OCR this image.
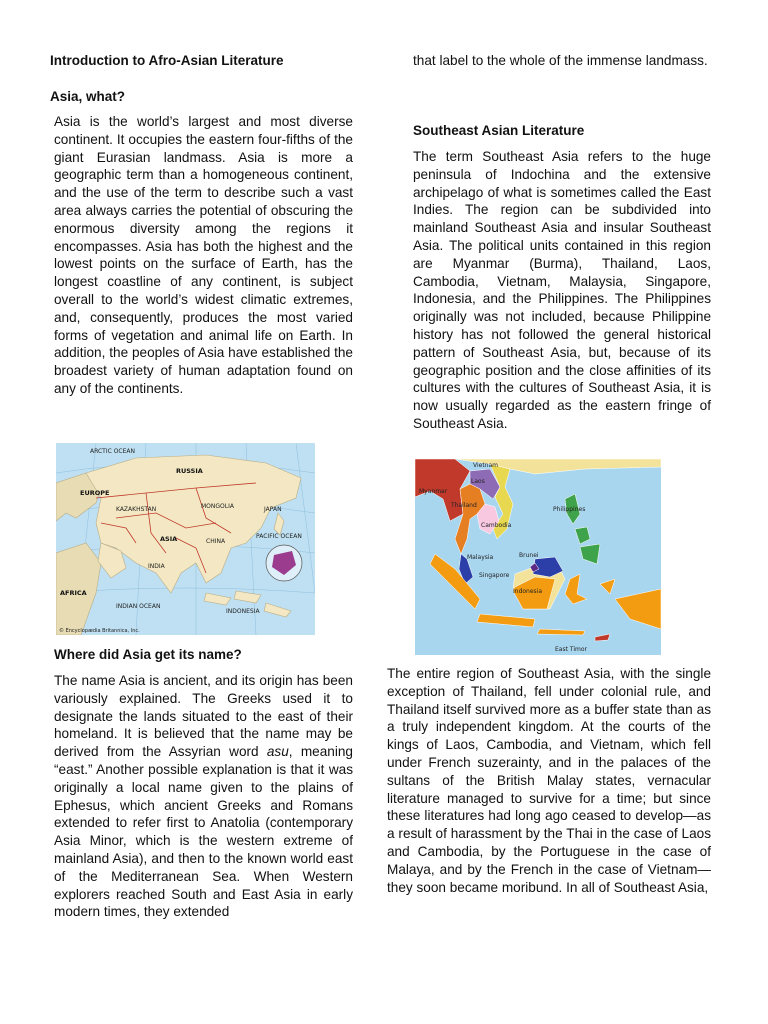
Introduction to Afro-Asian Literature
Asia, what?

Asia is the world’s largest and most diverse continent. It occupies the eastern four-fifths of the giant Eurasian landmass. Asia is more a geographic term than a homogeneous continent, and the use of the term to describe such a vast area always carries the potential of obscuring the enormous diversity among the regions it encompasses. Asia has both the highest and the lowest points on the surface of Earth, has the longest coastline of any continent, is subject overall to the world’s widest climatic extremes, and, consequently, produces the most varied forms of vegetation and animal life on Earth. In addition, the peoples of Asia have established the broadest variety of human adaptation found on any of the continents.

ARCTIC OCEAN
EUROPE
RUSSIA
ASIA	CHINA
INDIA
AFRICA
INDIAN OCEAN
PACIFIC OCEAN
JAPAN
MONGOLIA
KAZAKHSTAN
INDONESIA
© Encyclopædia Britannica, Inc.
Where did Asia get its name?

The name Asia is ancient, and its origin has been variously explained. The Greeks used it to designate the lands situated to the east of their homeland. It is believed that the name may be derived from the Assyrian word asu, meaning “east.” Another possible explanation is that it was originally a local name given to the plains of Ephesus, which ancient Greeks and Romans extended to refer first to Anatolia (contemporary Asia Minor, which is the western extreme of mainland Asia), and then to the known world east of the Mediterranean Sea. When Western explorers reached South and East Asia in early modern times, they extended

that label to the whole of the immense landmass.

Southeast Asian Literature

The term Southeast Asia refers to the huge peninsula of Indochina and the extensive archipelago of what is sometimes called the East Indies. The region can be subdivided into mainland Southeast Asia and insular Southeast Asia. The political units contained in this region are Myanmar (Burma), Thailand, Laos, Cambodia, Vietnam, Malaysia, Singapore, Indonesia, and the Philippines. The Philippines originally was not included, because Philippine history has not followed the general historical pattern of Southeast Asia, but, because of its geographic position and the close affinities of its cultures with the cultures of Southeast Asia, it is now usually regarded as the eastern fringe of Southeast Asia.

Myanmar
Vietnam
Laos
Thailand
Cambodia
Philippines
Malaysia	Brunei
Singapore
Indonesia
East Timor

The entire region of Southeast Asia, with the single exception of Thailand, fell under colonial rule, and Thailand itself survived more as a buffer state than as a truly independent kingdom. At the courts of the kings of Laos, Cambodia, and Vietnam, which fell under French suzerainty, and in the palaces of the sultans of the British Malay states, vernacular literature managed to survive for a time; but since these literatures had long ago ceased to develop—as a result of harassment by the Thai in the case of Laos and Cambodia, by the Portuguese in the case of Malaya, and by the French in the case of Vietnam—they soon became moribund. In all of Southeast Asia,
